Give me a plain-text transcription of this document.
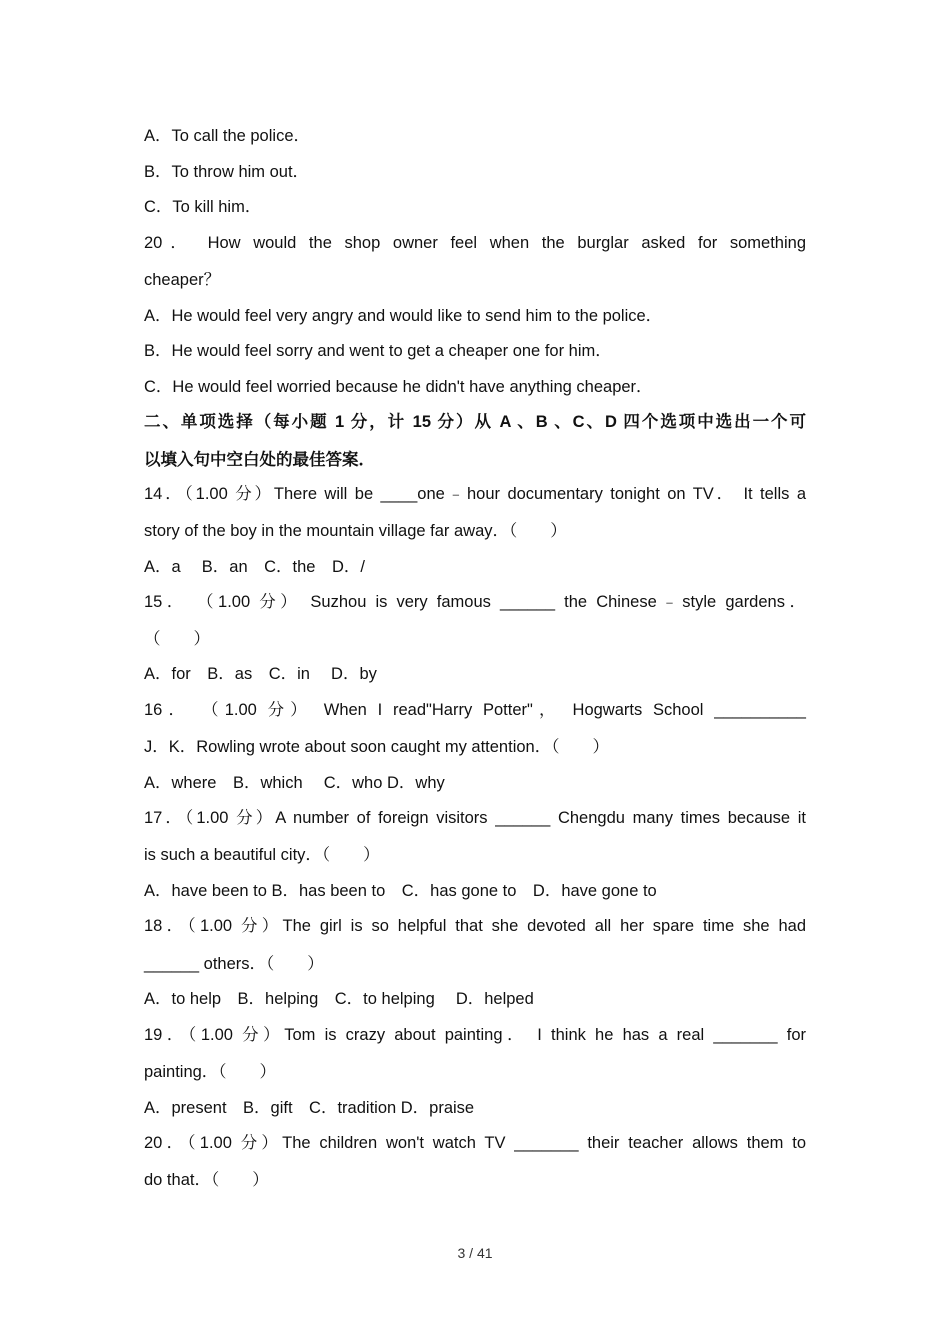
A．To call the police．
B．To throw him out．
C．To kill him．
20． How would the shop owner feel when the burglar asked for something
cheaper？
A．He would feel very angry and would like to send him to the police．
B．He would feel sorry and went to get a cheaper one for him．
C．He would feel worried because he didn't have anything cheaper．
二、单项选择（每小题 1 分，计 15 分）从 A 、B 、C、D 四个选项中选出一个可
以填入句中空白处的最佳答案．
14．（1.00 分）There will be ____one﹣hour documentary tonight on TV． It tells a
story of the boy in the mountain village far away．（　　）
A．a　 B．an　C．the　D．/
15． （1.00 分） Suzhou is very famous ______ the Chinese﹣style gardens．
（　　）
A．for　B．as　C．in　 D．by
16． （1.00 分） When I read"Harry Potter"， Hogwarts School __________
J．K．Rowling wrote about soon caught my attention．（　　）
A．where　B．which　 C．who D．why
17．（1.00 分）A number of foreign visitors ______ Chengdu many times because it
is such a beautiful city．（　　）
A．have been to B．has been to　C．has gone to　D．have gone to
18．（1.00 分）The girl is so helpful that she devoted all her spare time she had
______ others．（　　）
A．to help　B．helping　C．to helping　 D．helped
19．（1.00 分）Tom is crazy about painting． I think he has a real _______ for
painting．（　　）
A．present　B．gift　C．tradition D．praise
20．（1.00 分）The children won't watch TV _______ their teacher allows them to
do that．（　　）
3 / 41
